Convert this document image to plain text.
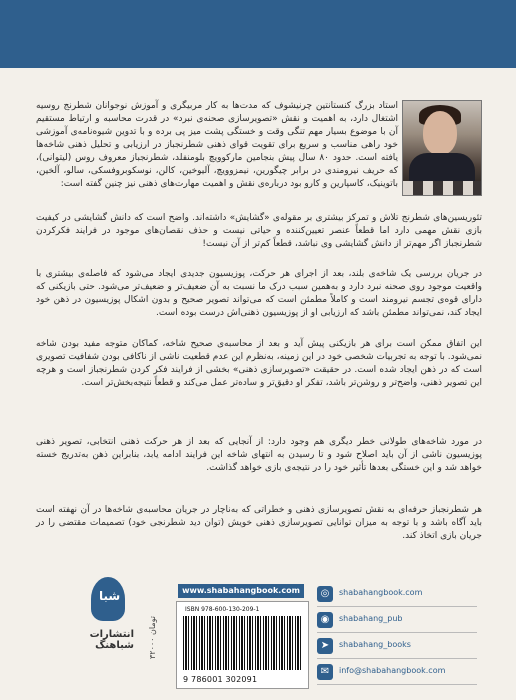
استاد بزرگ کنستانتین چرنیشوف که مدت‌ها به کار مربیگری و آموزش نوجوانان شطرنج روسیه اشتغال دارد، به اهمیت و نقش «تصویرسازی صحنه‌ی نبرد» در قدرت محاسبه و ارتباط مستقیم آن با موضوع بسیار مهم تنگی وقت و خستگی پشت میز پی برده و با تدوین شیوه‌نامه‌ی آموزشی خود راهی مناسب و سریع برای تقویت قوای ذهنی شطرنجباز در ارزیابی و تحلیل ذهنی شاخه‌ها یافته است. حدود ۸۰ سال پیش بنجامین مارکوویچ بلومنفلد، شطرنجباز معروف روس (لیتوانی)، که حریف نیرومندی در برابر چیگورین، نیمزوویچ، آلیوخین، کالن، نوسکوبروفسکی، سالو، آلخین، باتوینیک، کاسپارین و کارو بود درباره‌ی نقش و اهمیت مهارت‌های ذهنی نیز چنین گفته است:
تئوریسین‌های شطرنج تلاش و تمرکز بیشتری بر مقوله‌ی «گشایش» داشته‌اند. واضح است که دانش گشایشی در کیفیت بازی نقش مهمی دارد اما قطعاً عنصر تعیین‌کننده و حیاتی نیست و حذف نقصان‌های موجود در فرایند فکرکردن شطرنجباز اگر مهم‌تر از دانش گشایشی وی نباشد، قطعاً کم‌تر از آن نیست!
در جریان بررسی یک شاخه‌ی بلند، بعد از اجرای هر حرکت، پوزیسیون جدیدی ایجاد می‌شود که فاصله‌ی بیشتری با واقعیت موجود روی صحنه نبرد دارد و به‌همین سبب درک ما نسبت به آن ضعیف‌تر و ضعیف‌تر می‌شود. حتی بازیکنی که دارای قوه‌ی تجسم نیرومند است و کاملاً مطمئن است که می‌تواند تصویر صحیح و بدون اشکال پوزیسیون در ذهن خود ایجاد کند، نمی‌تواند مطمئن باشد که ارزیابی او از پوزیسیون ذهنی‌اش درست بوده است.
این اتفاق ممکن است برای هر بازیکنی پیش آید و بعد از محاسبه‌ی صحیح شاخه، کماکان متوجه مفید بودن شاخه نمی‌شود. با توجه به تجربیات شخصی خود در این زمینه، به‌نظرم این عدم قطعیت ناشی از ناکافی بودن شفافیت تصویری است که در ذهن ایجاد شده است. در حقیقت «تصویرسازی ذهنی» بخشی از فرایند فکر کردن شطرنجباز است و هرچه این تصویر ذهنی، واضح‌تر و روشن‌تر باشد، تفکر او دقیق‌تر و ساده‌تر عمل می‌کند و قطعاً نتیجه‌بخش‌تر است.
در مورد شاخه‌های طولانی خطر دیگری هم وجود دارد: از آنجایی که بعد از هر حرکت ذهنی انتخابی، تصویر ذهنی پوزیسیون ناشی از آن باید اصلاح شود و تا رسیدن به انتهای شاخه این فرایند ادامه یابد، بنابراین ذهن به‌تدریج خسته خواهد شد و این خستگی بعدها تأثیر خود را در نتیجه‌ی بازی خواهد گذاشت.
هر شطرنجباز حرفه‌ای به نقش تصویرسازی ذهنی و خطراتی که به‌ناچار در جریان محاسبه‌ی شاخه‌ها در آن نهفته است باید آگاه باشد و با توجه به میزان توانایی تصویرسازی ذهنی خویش (توان دید شطرنجی خود) تصمیمات مقتضی را در جریان بازی اتخاذ کند.
شبا
انتشارات شباهنگ
www.shabahangbook.com
۳۲۰۰۰ تومان
ISBN 978-600-130-209-1
9 786001 302091
◎	shabahangbook.com
◉	shabahang_pub
➤	shabahang_books
✉	info@shabahangbook.com
